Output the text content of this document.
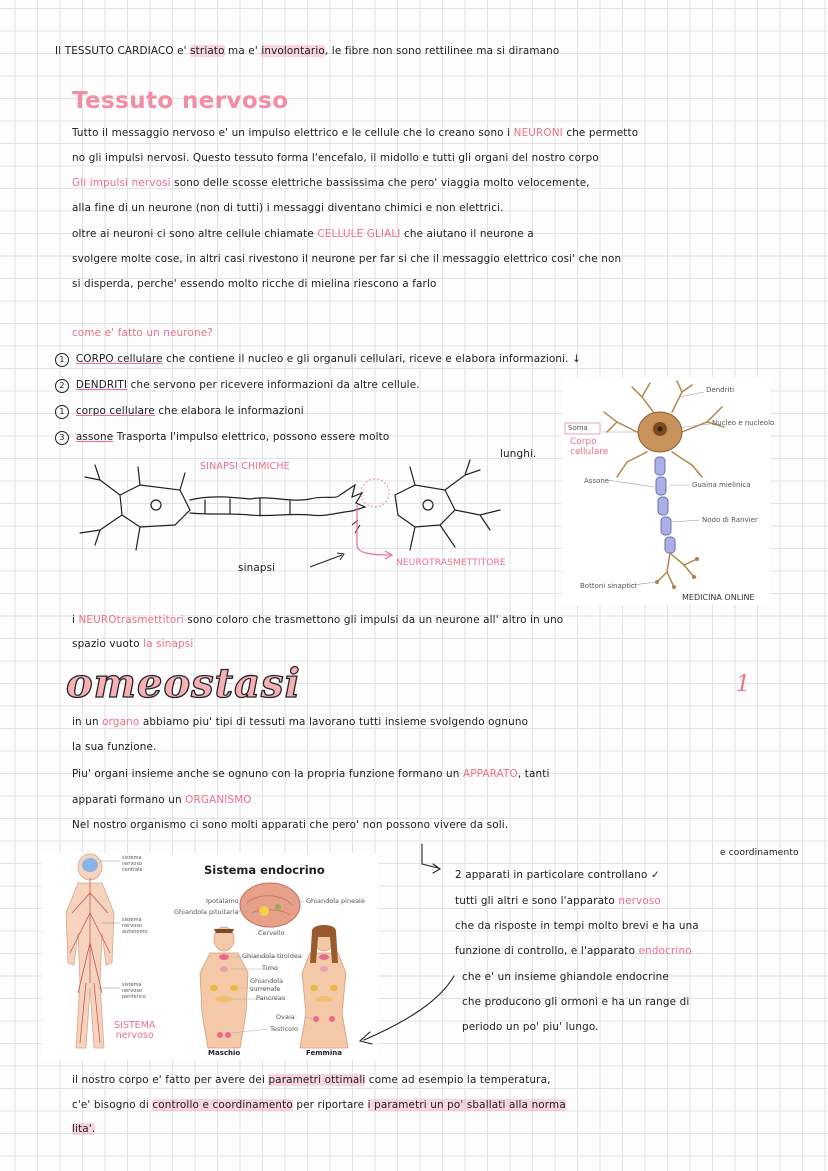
Il TESSUTO CARDIACO e' striato ma e' involontario, le fibre non sono rettilinee ma si diramano
Tessuto nervoso
Tutto il messaggio nervoso e' un impulso elettrico e le cellule che lo creano sono i NEURONI che permetto
no gli impulsi nervosi. Questo tessuto forma l'encefalo, il midollo e tutti gli organi del nostro corpo
Gli impulsi nervosi sono delle scosse elettriche bassissima che pero' viaggia molto velocemente,
alla fine di un neurone (non di tutti) i messaggi diventano chimici e non elettrici.
oltre ai neuroni ci sono altre cellule chiamate CELLULE GLIALI che aiutano il neurone a
svolgere molte cose, in altri casi rivestono il neurone per far si che il messaggio elettrico cosi' che non
si disperda, perche' essendo molto ricche di mielina riescono a farlo
come e' fatto un neurone?
1 CORPO cellulare che contiene il nucleo e gli organuli cellulari, riceve e elabora informazioni. ↓
2 DENDRITI che servono per ricevere informazioni da altre cellule.
1 corpo cellulare che elabora le informazioni
3 assone Trasporta l'impulso elettrico, possono essere molto
lunghi.
SINAPSI CHIMICHE
sinapsi	NEUROTRASMETTITORE
Dendriti
Nucleo e nucleolo
Soma
Corpo
cellulare
Assone	Guaina mielinica
Nodo di Ranvier
Bottoni sinaptici
MEDICINA ONLINE
i NEUROtrasmettitori sono coloro che trasmettono gli impulsi da un neurone all' altro in uno
spazio vuoto la sinapsi
omeostasi	1
in un organo abbiamo piu' tipi di tessuti ma lavorano tutti insieme svolgendo ognuno
la sua funzione.
Piu' organi insieme anche se ognuno con la propria funzione formano un APPARATO, tanti
apparati formano un ORGANISMO
Nel nostro organismo ci sono molti apparati che pero' non possono vivere da soli.
Sistema endocrino
Ipotalamo
Ghiandola pituitaria
Ghiandola pineale
Cervello
Ghiandola tiroidea
Timo
Ghiandola
surrenale
Pancreas
Ovaia
Testicolo
Maschio	Femmina
sistema
nervoso
centrale
sistema
nervoso
autonomo
sistema
nervoso
periferico
SISTEMA
nervoso
e coordinamento
2 apparati in particolare controllano ✓
tutti gli altri e sono l'apparato nervoso
che da risposte in tempi molto brevi e ha una
funzione di controllo, e l'apparato endocrino
che e' un insieme ghiandole endocrine
che producono gli ormoni e ha un range di
periodo un po' piu' lungo.
il nostro corpo e' fatto per avere dei parametri ottimali come ad esempio la temperatura,
c'e' bisogno di controllo e coordinamento per riportare i parametri un po' sballati alla norma
lita'.
